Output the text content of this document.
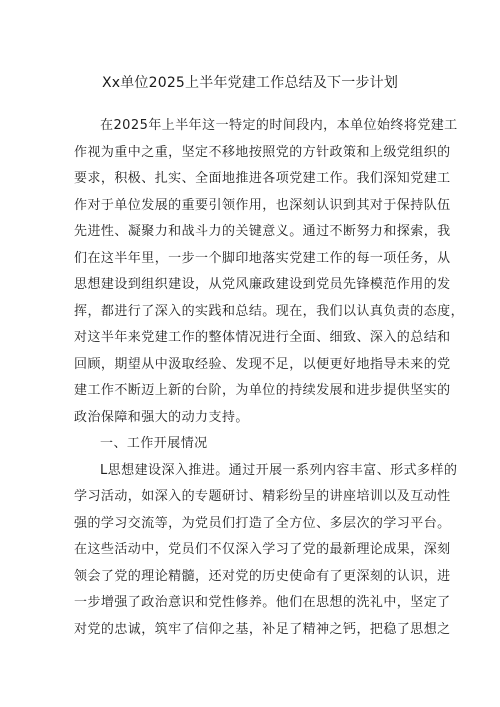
Xx单位2025上半年党建工作总结及下一步计划
在2025年上半年这一特定的时间段内，本单位始终将党建工
作视为重中之重，坚定不移地按照党的方针政策和上级党组织的
要求，积极、扎实、全面地推进各项党建工作。我们深知党建工
作对于单位发展的重要引领作用，也深刻认识到其对于保持队伍
先进性、凝聚力和战斗力的关键意义。通过不断努力和探索，我
们在这半年里，一步一个脚印地落实党建工作的每一项任务，从
思想建设到组织建设，从党风廉政建设到党员先锋模范作用的发
挥，都进行了深入的实践和总结。现在，我们以认真负责的态度，
对这半年来党建工作的整体情况进行全面、细致、深入的总结和
回顾，期望从中汲取经验、发现不足，以便更好地指导未来的党
建工作不断迈上新的台阶，为单位的持续发展和进步提供坚实的
政治保障和强大的动力支持。
一、工作开展情况
L思想建设深入推进。通过开展一系列内容丰富、形式多样的
学习活动，如深入的专题研讨、精彩纷呈的讲座培训以及互动性
强的学习交流等，为党员们打造了全方位、多层次的学习平台。
在这些活动中，党员们不仅深入学习了党的最新理论成果，深刻
领会了党的理论精髓，还对党的历史使命有了更深刻的认识，进
一步增强了政治意识和党性修养。他们在思想的洗礼中，坚定了
对党的忠诚，筑牢了信仰之基，补足了精神之钙，把稳了思想之
